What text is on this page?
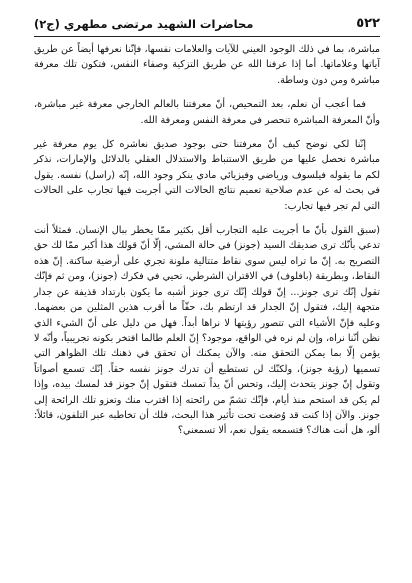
٥٢٢
محاضرات الشهيد مرتضى مطهري (ج٢)

مباشرة، بما في ذلك الوجود العيني للآيات والعلامات نفسها، فإنّنا نعرفها أيضاً عن طريق آياتها وعلاماتها. أما إذا عرفنا الله عن طريق التزكية وصفاء النفس، فتكون تلك معرفة مباشرة ومن دون وساطة.

فما أعجب أن نعلم، بعد التمحيص، أنّ معرفتنا بالعالم الخارجي معرفة غير مباشرة، وأنّ المعرفة المباشرة تنحصر في معرفة النفس ومعرفة الله.

إنّنا لكي نوضح كيف أنّ معرفتنا حتى بوجود صديق نعاشره كل يوم معرفة غير مباشرة نحصل عليها من طريق الاستنباط والاستدلال العقلي بالدلائل والإمارات، نذكر لكم ما يقوله فيلسوف ورياضي وفيزيائي مادي ينكر وجود الله، إنّه (راسل) نفسه. يقول في بحث له عن عدم صلاحية تعميم نتائج الحالات التي أجريت فيها تجارب على الحالات التي لم تجر فيها تجارب:

(سبق القول بأنّ ما أجريت عليه التجارب أقل بكثير ممّا يخطر ببال الإنسان. فمثلاً أنت تدعي بأنّك ترى صديقك السيد (جونز) في حالة المشي، إلّا أنّ قولك هذا أكبر ممّا لك حق التصريح به. إنّ ما تراه ليس سوى نقاط متتالية ملونة تجري على أرضية ساكنة. إنّ هذه النقاط، وبطريقة (بافلوف) في الاقتران الشرطي، تحيي في فكرك (جونز)، ومن ثم فإنّك تقول إنّك ترى جونز... إنّ قولك إنّك ترى جونز أشبه ما يكون بارتداد قذيفة عن جدار متجهة إليك، فتقول إنّ الجدار قد ارتطم بك، حقّاً ما أقرب هذين المثلين من بعضهما. وعليه فإنّ الأشياء التي تتصور رؤيتها لا نراها أبداً. فهل من دليل على أنّ الشيء الذي نظن أنّنا نراه، وإن لم نره في الواقع، موجود؟ إنّ العلم طالما افتخر بكونه تجريبياً، وأنّه لا يؤمن إلّا بما يمكن التحقق منه. والآن يمكنك أن تحقق في ذهنك تلك الظواهر التي تسميها (رؤية جونز)، ولكنّك لن تستطيع أن تدرك جونز نفسه حقاً. إنّك تسمع أصواتاً وتقول إنّ جونز يتحدث إليك، وتحس أنّ يداً تمسك فتقول إنّ جونز قد لمسك بيده، وإذا لم يكن قد استحم منذ أيام، فإنّك تشمّ من رائحته إذا اقترب منك وتعزو تلك الرائحة إلى جونز. والآن إذا كنت قد وُضعت تحت تأثير هذا البحث، فلك أن تخاطبه عبر التلفون، قائلاً: ألو، هل أنت هناك؟ فتسمعه يقول نعم، ألا تسمعني؟
